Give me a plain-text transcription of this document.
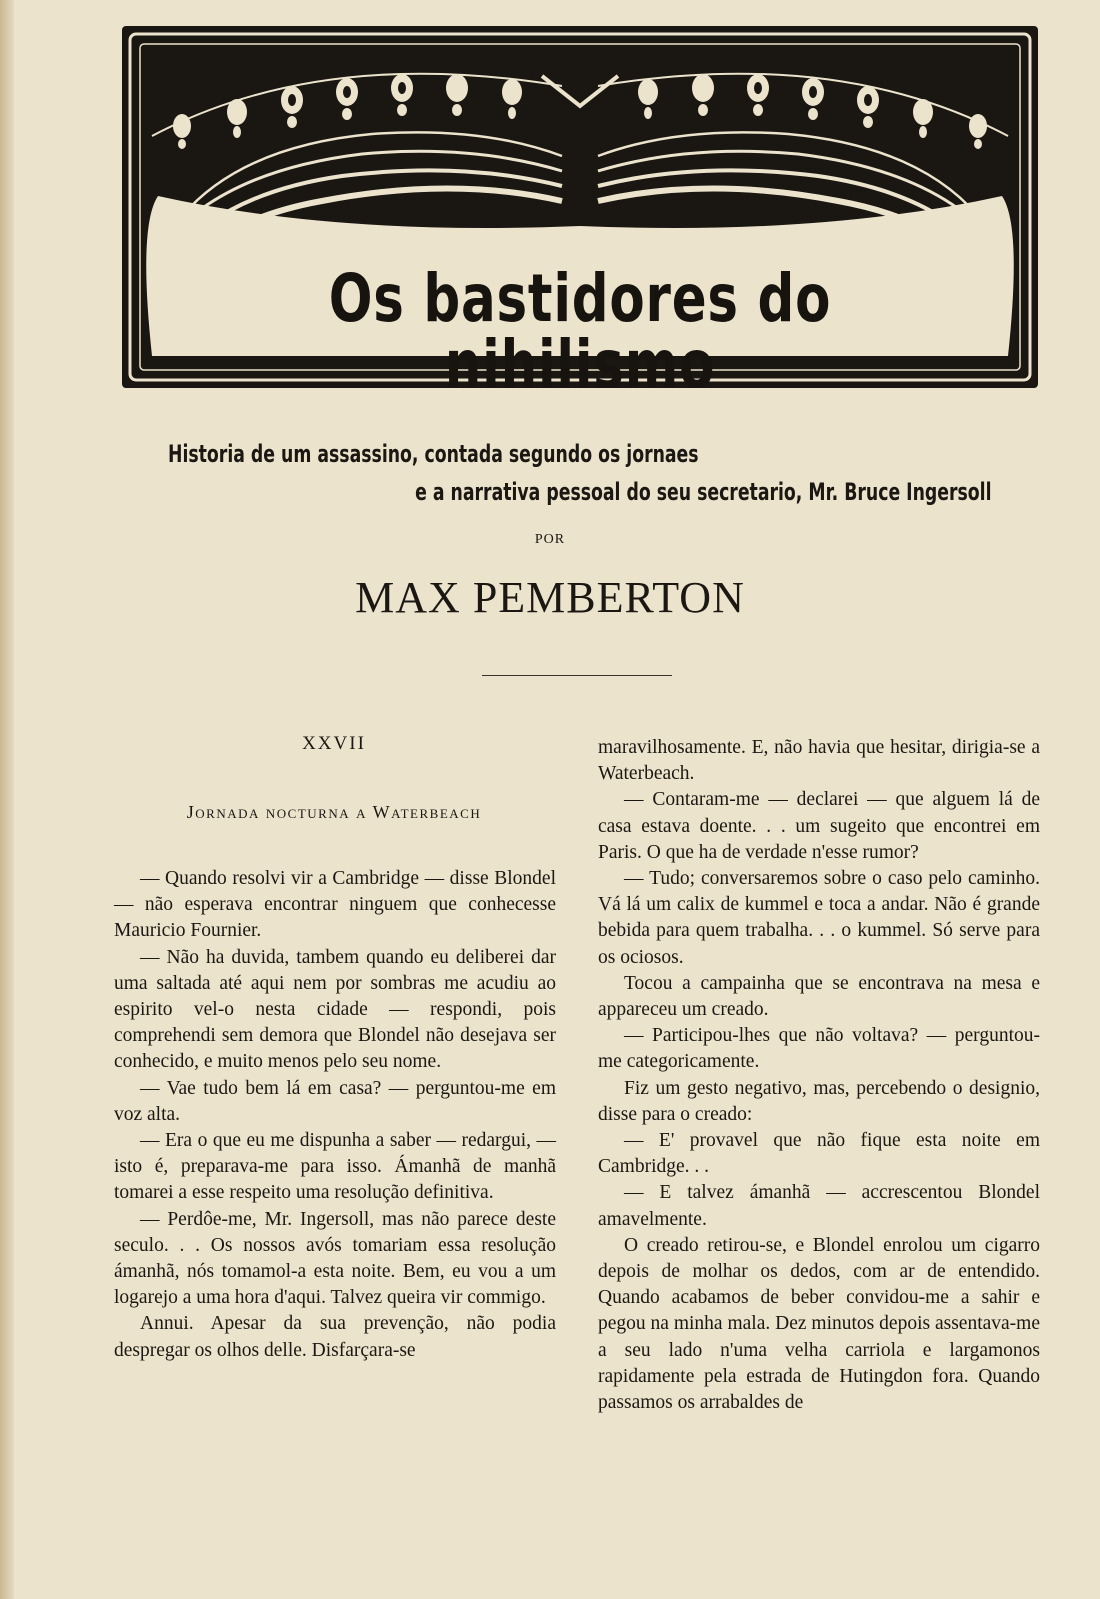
Os bastidores do nihilismo
Historia de um assassino, contada segundo os jornaes
e a narrativa pessoal do seu secretario, Mr. Bruce Ingersoll
POR
MAX PEMBERTON
XXVII
Jornada nocturna a Waterbeach

— Quando resolvi vir a Cambridge — disse Blondel — não esperava encontrar ninguem que conhecesse Mauricio Fournier.

— Não ha duvida, tambem quando eu deliberei dar uma saltada até aqui nem por sombras me acudiu ao espirito vel-o nesta cidade — respondi, pois comprehendi sem demora que Blondel não desejava ser conhecido, e muito menos pelo seu nome.

— Vae tudo bem lá em casa? — perguntou-me em voz alta.

— Era o que eu me dispunha a saber — redargui, — isto é, preparava-me para isso. Ámanhã de manhã tomarei a esse respeito uma resolução definitiva.

— Perdôe-me, Mr. Ingersoll, mas não parece deste seculo. . . Os nossos avós tomariam essa resolução ámanhã, nós tomamol-a esta noite. Bem, eu vou a um logarejo a uma hora d'aqui. Talvez queira vir commigo.

Annui. Apesar da sua prevenção, não podia despregar os olhos delle. Disfarçara-se

maravilhosamente. E, não havia que hesitar, dirigia-se a Waterbeach.

— Contaram-me — declarei — que alguem lá de casa estava doente. . . um sugeito que encontrei em Paris. O que ha de verdade n'esse rumor?

— Tudo; conversaremos sobre o caso pelo caminho. Vá lá um calix de kummel e toca a andar. Não é grande bebida para quem trabalha. . . o kummel. Só serve para os ociosos.

Tocou a campainha que se encontrava na mesa e appareceu um creado.

— Participou-lhes que não voltava? — perguntou-me categoricamente.

Fiz um gesto negativo, mas, percebendo o designio, disse para o creado:

— E' provavel que não fique esta noite em Cambridge. . .

— E talvez ámanhã — accrescentou Blondel amavelmente.

O creado retirou-se, e Blondel enrolou um cigarro depois de molhar os dedos, com ar de entendido. Quando acabamos de beber convidou-me a sahir e pegou na minha mala. Dez minutos depois assentava-me a seu lado n'uma velha carriola e largamonos rapidamente pela estrada de Hutingdon fora. Quando passamos os arrabaldes de
